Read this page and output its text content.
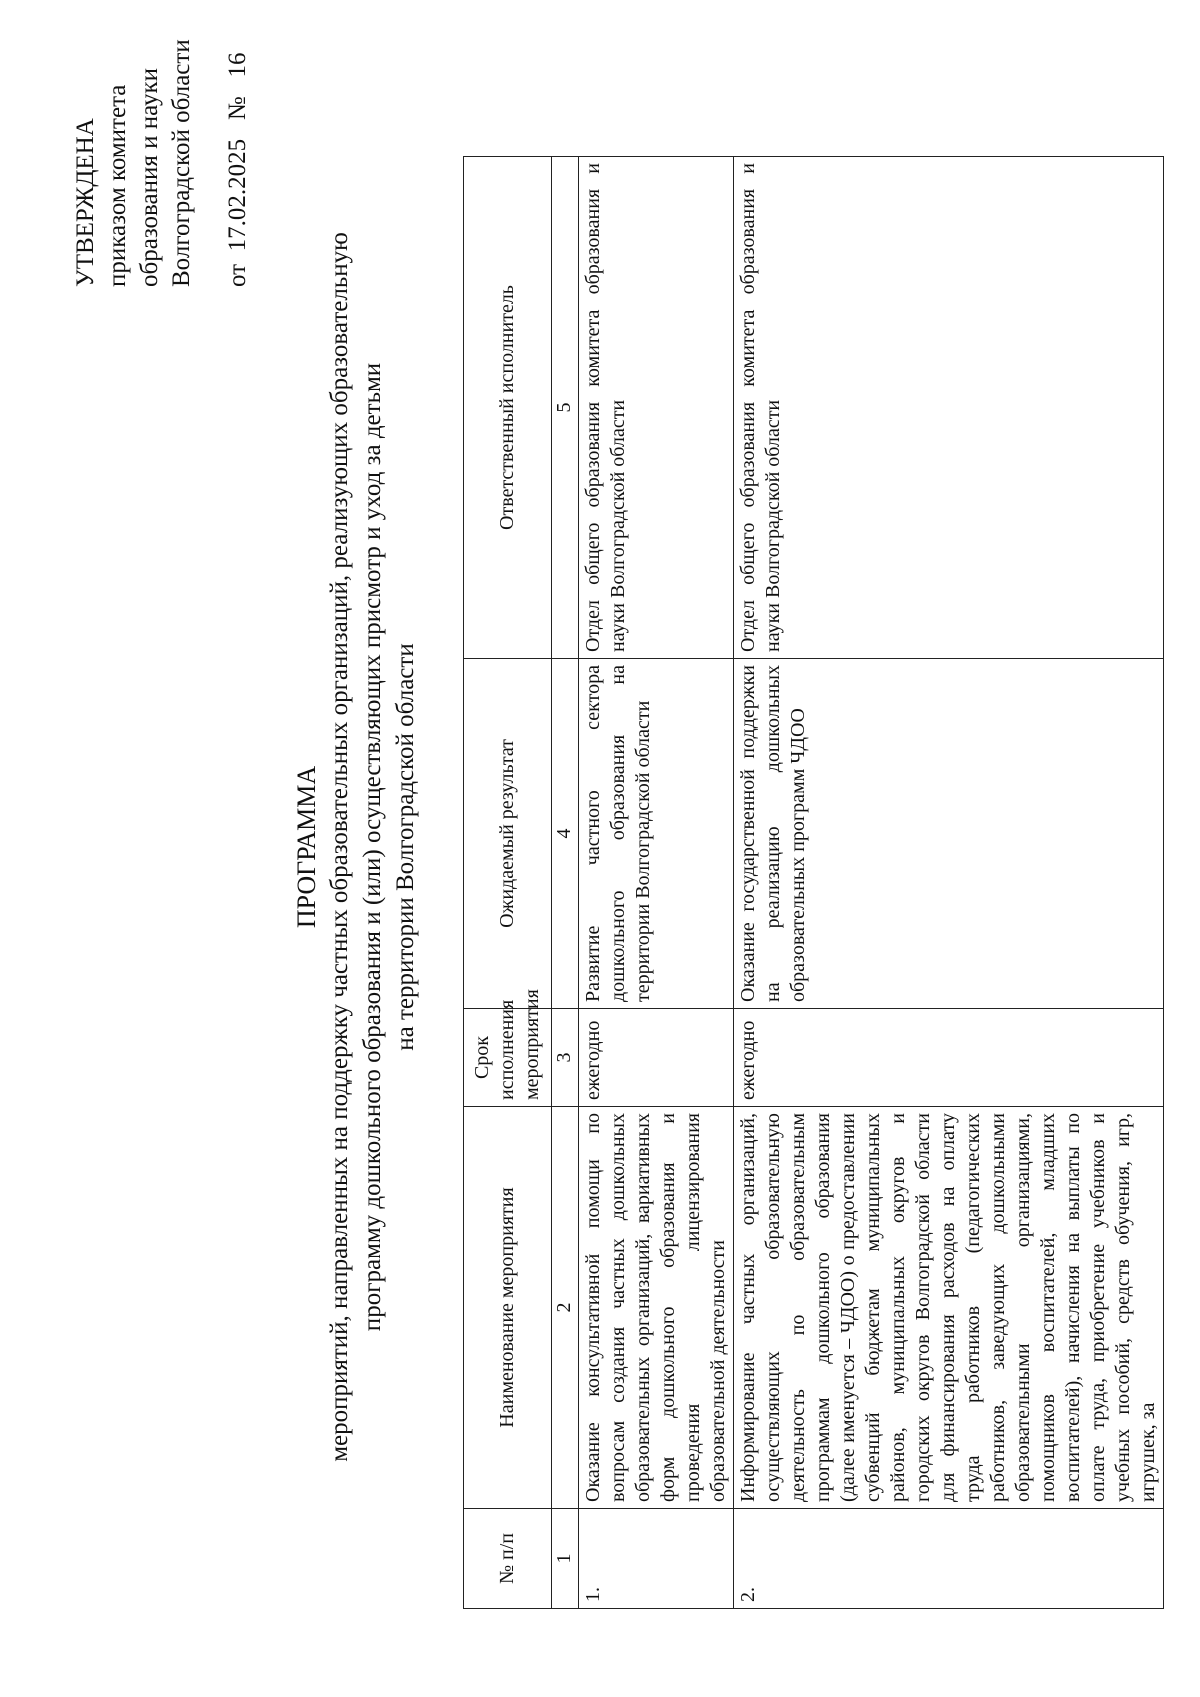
УТВЕРЖДЕНА приказом комитета образования и науки Волгоградской области от  17.02.2025   №   16
ПРОГРАММА мероприятий, направленных на поддержку частных образовательных организаций, реализующих образовательную программу дошкольного образования и (или) осуществляющих присмотр и уход за детьми на территории Волгоградской области
№ п/п	Наименование мероприятия	Срок исполнения мероприятия	Ожидаемый результат	Ответственный исполнитель
1	2	3	4	5
1.	Оказание консультативной помощи по вопросам создания частных дошкольных образовательных организаций, вариативных форм дошкольного образования и проведения лицензирования образовательной деятельности	ежегодно	Развитие частного сектора дошкольного образования на территории Волгоградской области	Отдел общего образования комитета образования и науки Волгоградской области
2.	Информирование частных организаций, осуществляющих образовательную деятельность по образовательным программам дошкольного образования (далее именуется – ЧДОО) о предоставлении субвенций бюджетам муниципальных районов, муниципальных округов и городских округов Волгоградской области для финансирования расходов на оплату труда работников (педагогических работников, заведующих дошкольными образовательными организациями, помощников воспитателей, младших воспитателей), начисления на выплаты по оплате труда, приобретение учебников и учебных пособий, средств обучения, игр, игрушек, за	ежегодно	Оказание государственной поддержки на реализацию дошкольных образовательных программ ЧДОО	Отдел общего образования комитета образования и науки Волгоградской области
